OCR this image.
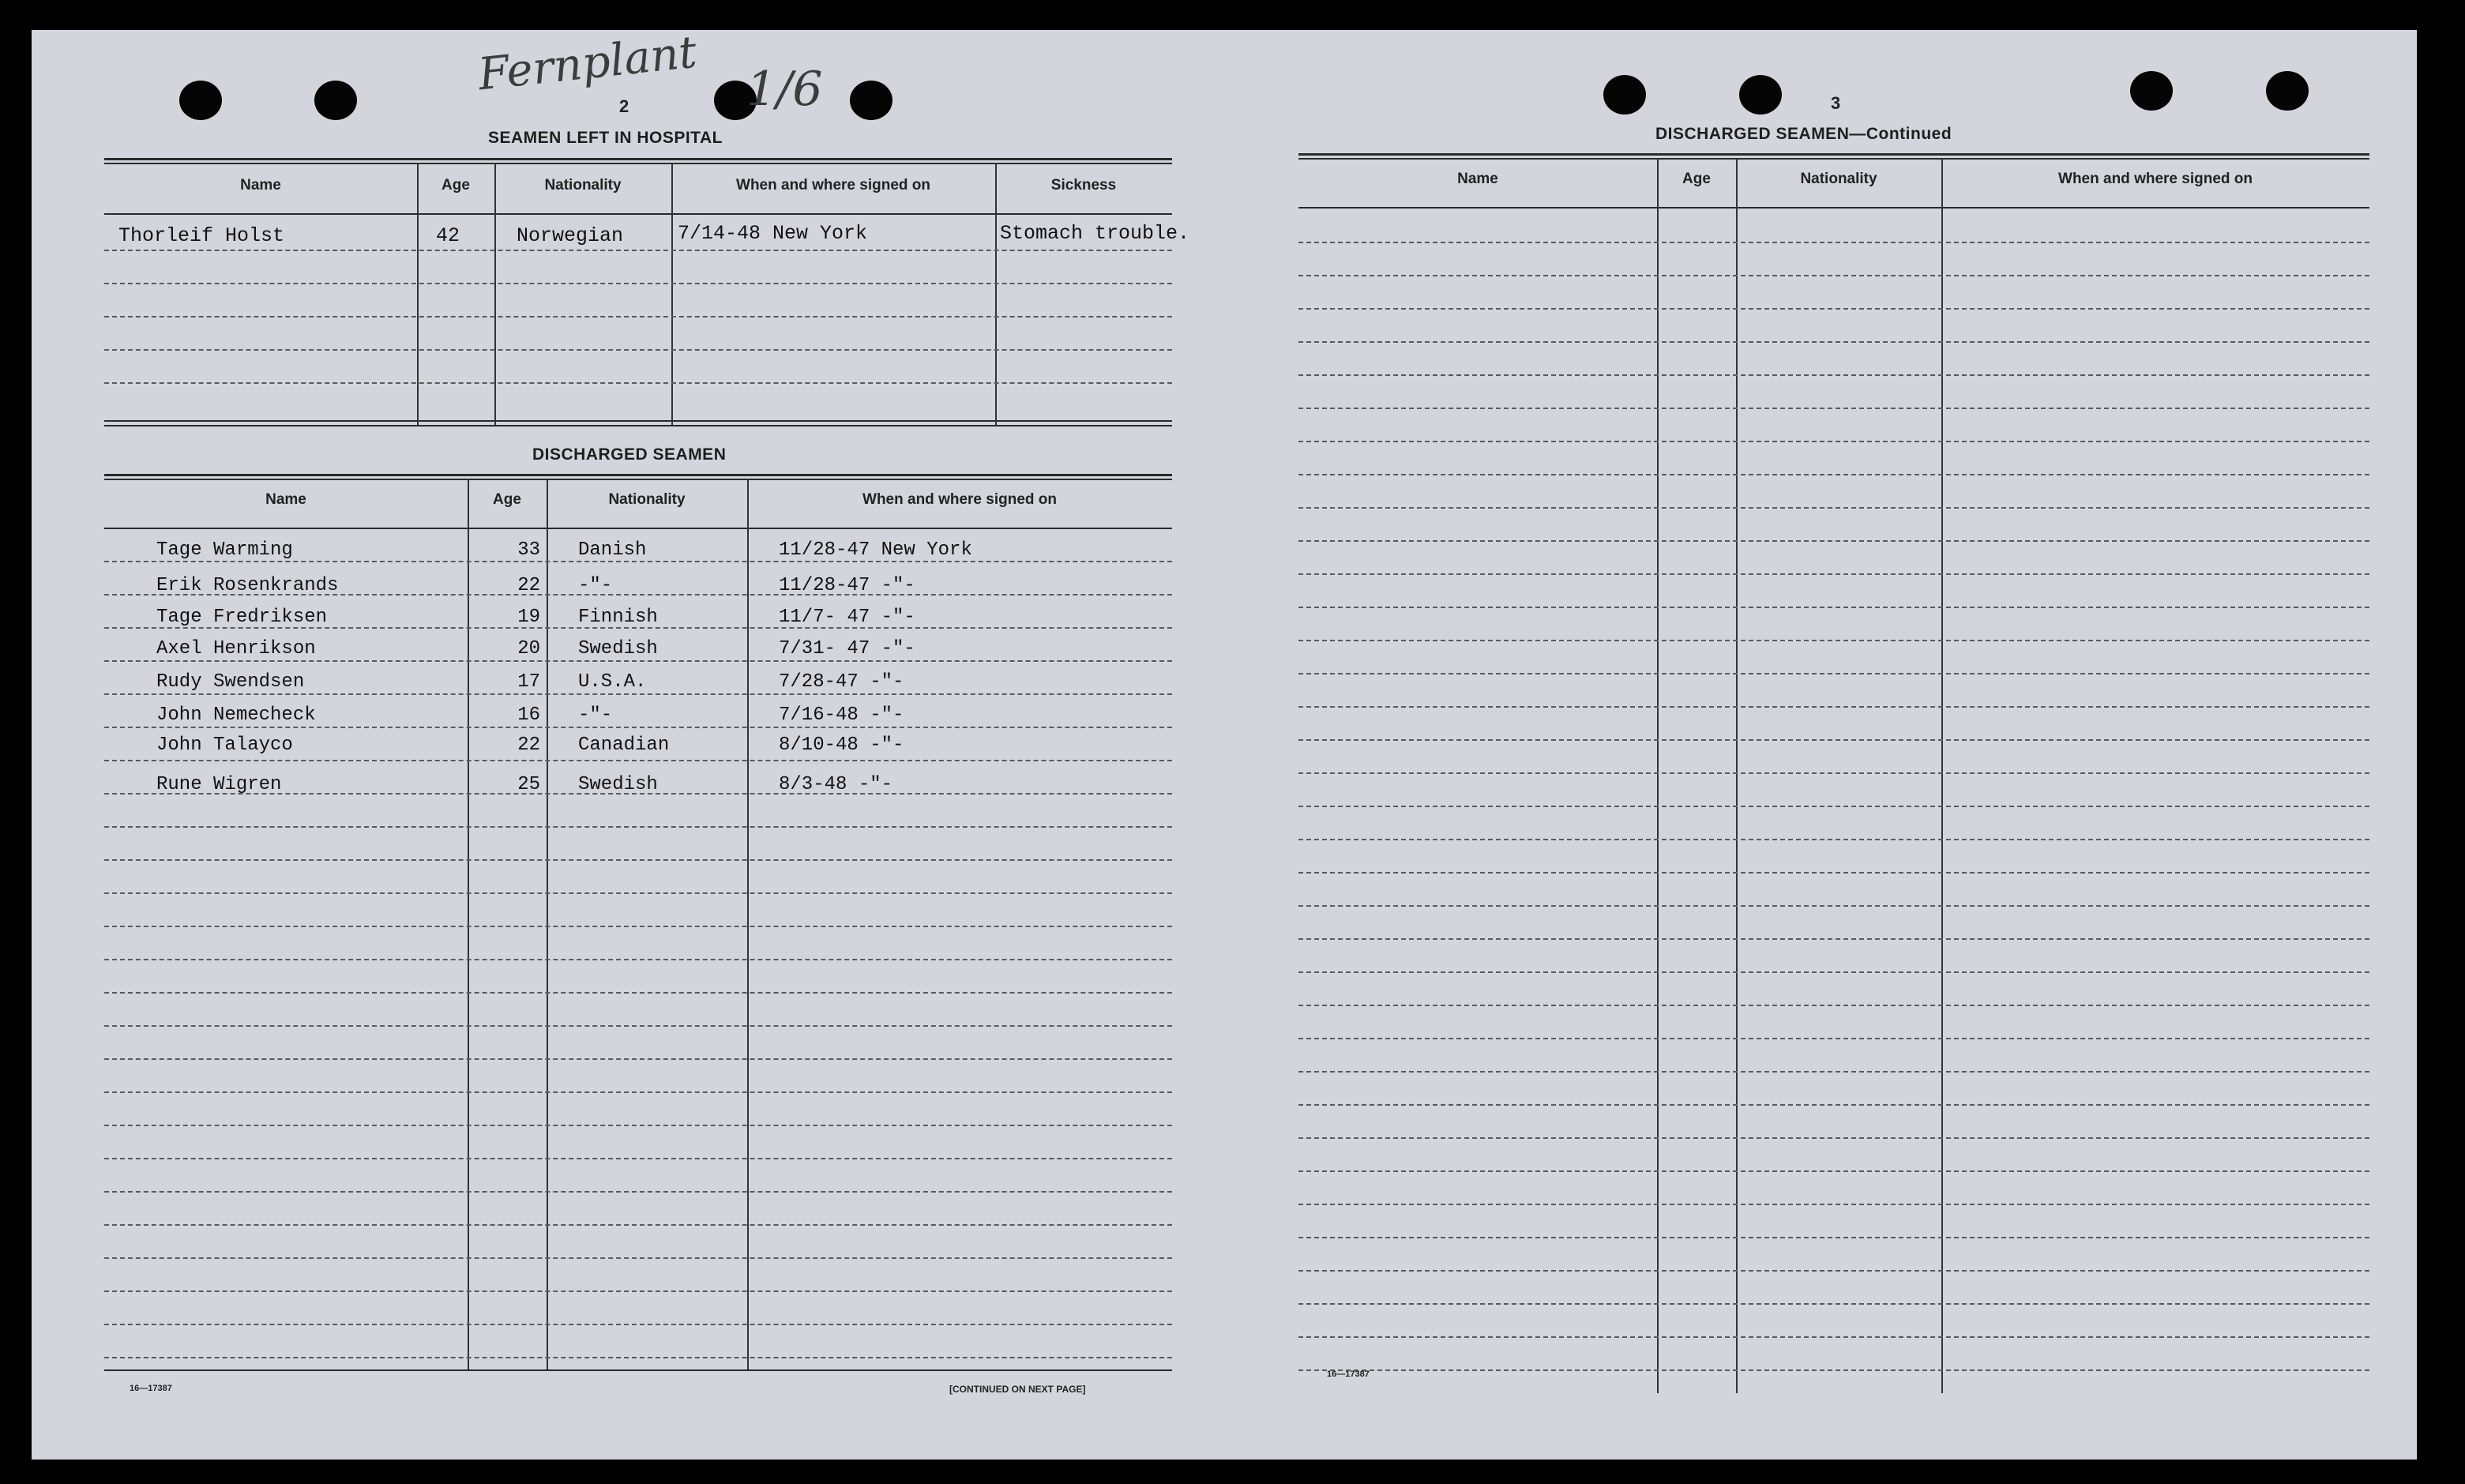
Fernplant 1/6
2
SEAMEN LEFT IN HOSPITAL
Name	Age	Nationality	When and where signed on	Sickness
Thorleif Holst	42	Norwegian	7/14-48 New York	Stomach trouble.
DISCHARGED SEAMEN
Name	Age	Nationality	When and where signed on
Tage Warming	33 Danish	11/28-47 New York
Erik Rosenkrands	22 -"-	11/28-47 -"-
Tage Fredriksen	19 Finnish	11/7- 47 -"-
Axel Henrikson	20 Swedish	7/31- 47 -"-
Rudy Swendsen	17 U.S.A.	7/28-47 -"-
John Nemecheck	16 -"-	7/16-48 -"-
John Talayco	22 Canadian	8/10-48 -"-
Rune Wigren	25 Swedish	8/3-48 -"-
16—17387	[CONTINUED ON NEXT PAGE]
3
DISCHARGED SEAMEN—Continued
Name	Age	Nationality	When and where signed on
16—17387
